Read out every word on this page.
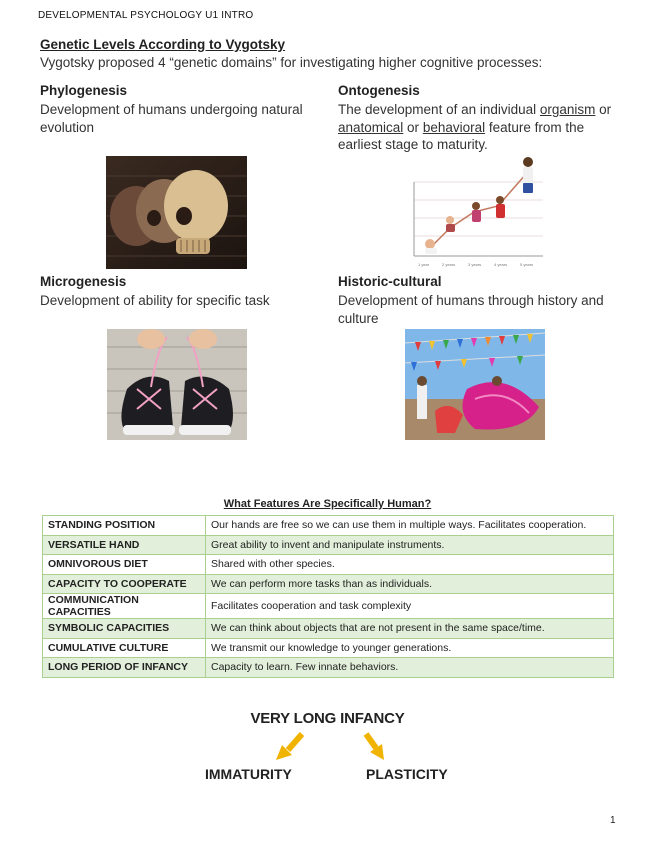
DEVELOPMENTAL PSYCHOLOGY U1 INTRO
Genetic Levels According to Vygotsky
Vygotsky proposed 4 “genetic domains” for investigating higher cognitive processes:
Phylogenesis
Development of humans undergoing natural
evolution
Ontogenesis
The development of an individual organism or
anatomical or behavioral feature from the
earliest stage to maturity.
1 year	2 years	3 years	4 years	5 years
Microgenesis
Development of ability for specific task
Historic-cultural
Development of humans through history and
culture
What Features Are Specifically Human?
STANDING POSITION	Our hands are free so we can use them in multiple ways. Facilitates cooperation.
VERSATILE HAND	Great ability to invent and manipulate instruments.
OMNIVOROUS DIET	Shared with other species.
CAPACITY TO COOPERATE	We can perform more tasks than as individuals.
COMMUNICATION CAPACITIES	Facilitates cooperation and task complexity
SYMBOLIC CAPACITIES	We can think about objects that are not present in the same space/time.
CUMULATIVE CULTURE	We transmit our knowledge to younger generations.
LONG PERIOD OF INFANCY	Capacity to learn. Few innate behaviors.
VERY LONG INFANCY
IMMATURITY	PLASTICITY
1
